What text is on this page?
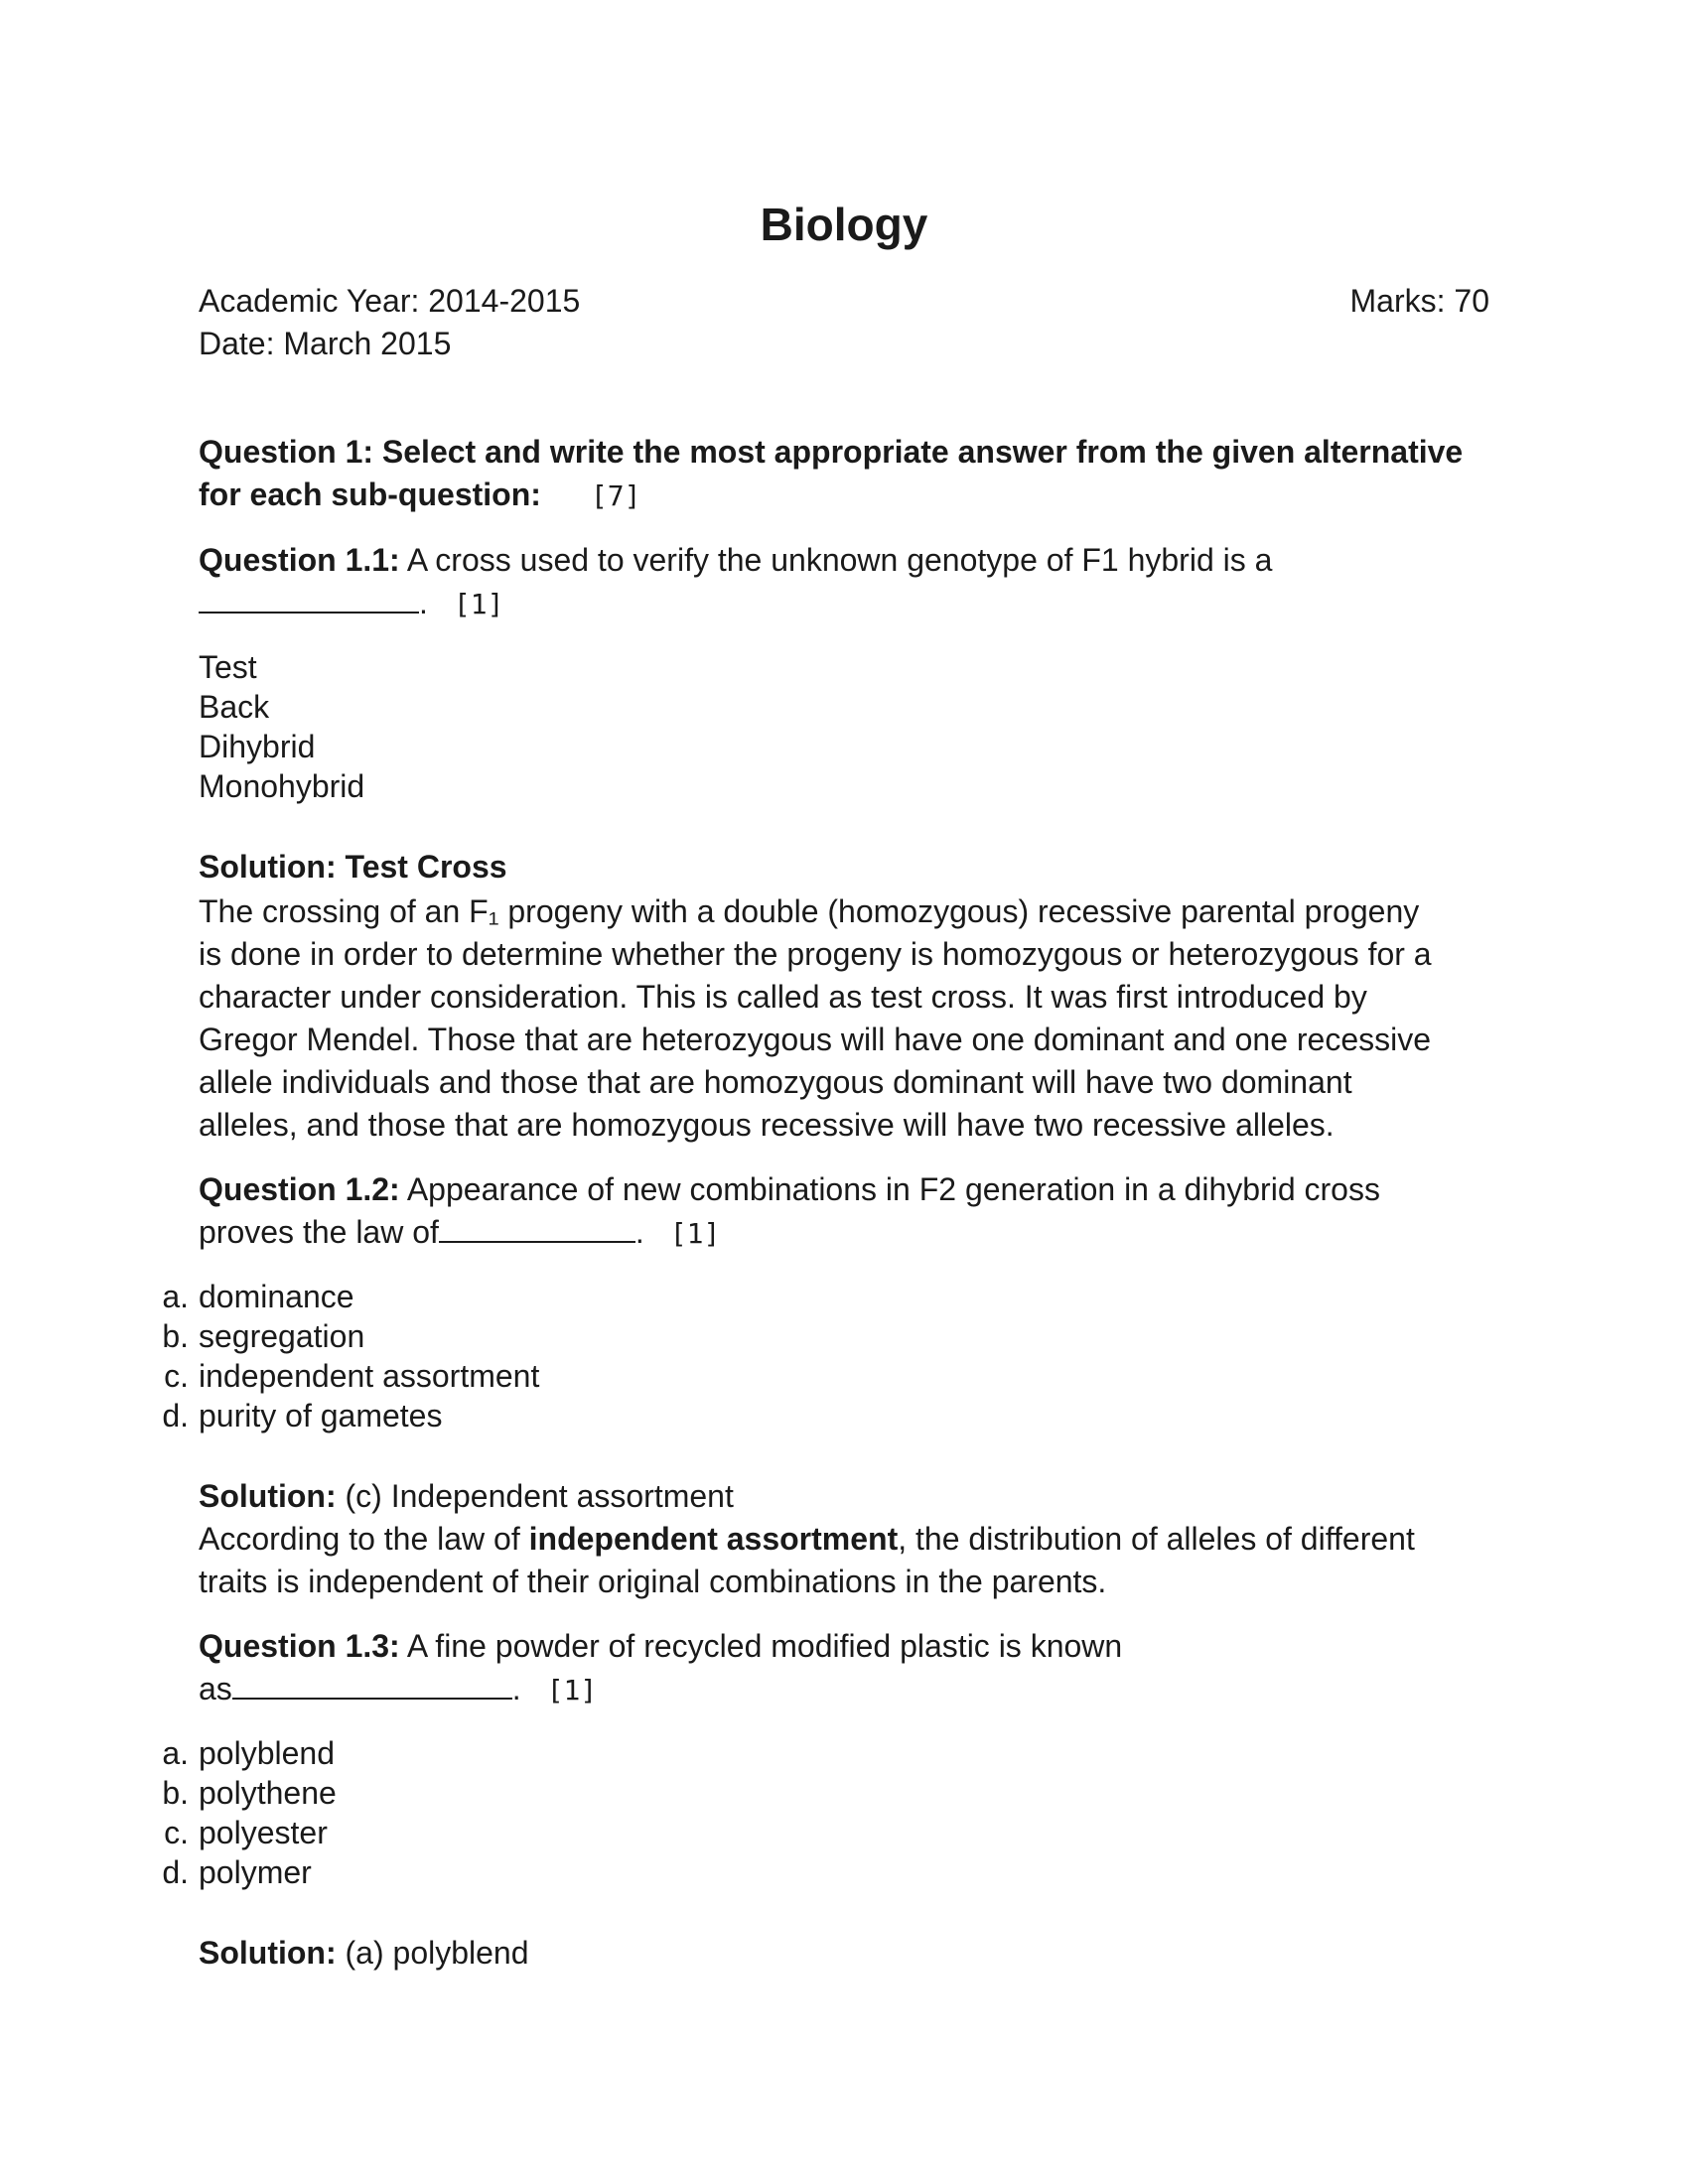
Biology
Academic Year: 2014-2015	Marks: 70
Date: March 2015
Question 1: Select and write the most appropriate answer from the given alternative
for each sub-question: [7]
Question 1.1: A cross used to verify the unknown genotype of F1 hybrid is a
. [1]
Test
Back
Dihybrid
Monohybrid
Solution: Test Cross
The crossing of an F₁ progeny with a double (homozygous) recessive parental progeny
is done in order to determine whether the progeny is homozygous or heterozygous for a
character under consideration. This is called as test cross. It was first introduced by
Gregor Mendel. Those that are heterozygous will have one dominant and one recessive
allele individuals and those that are homozygous dominant will have two dominant
alleles, and those that are homozygous recessive will have two recessive alleles.
Question 1.2: Appearance of new combinations in F2 generation in a dihybrid cross
proves the law of	. [1]
a. dominance
b. segregation
c. independent assortment
d. purity of gametes
Solution: (c) Independent assortment
According to the law of independent assortment, the distribution of alleles of different
traits is independent of their original combinations in the parents.
Question 1.3: A fine powder of recycled modified plastic is known
as	. [1]
a. polyblend
b. polythene
c. polyester
d. polymer
Solution: (a) polyblend
